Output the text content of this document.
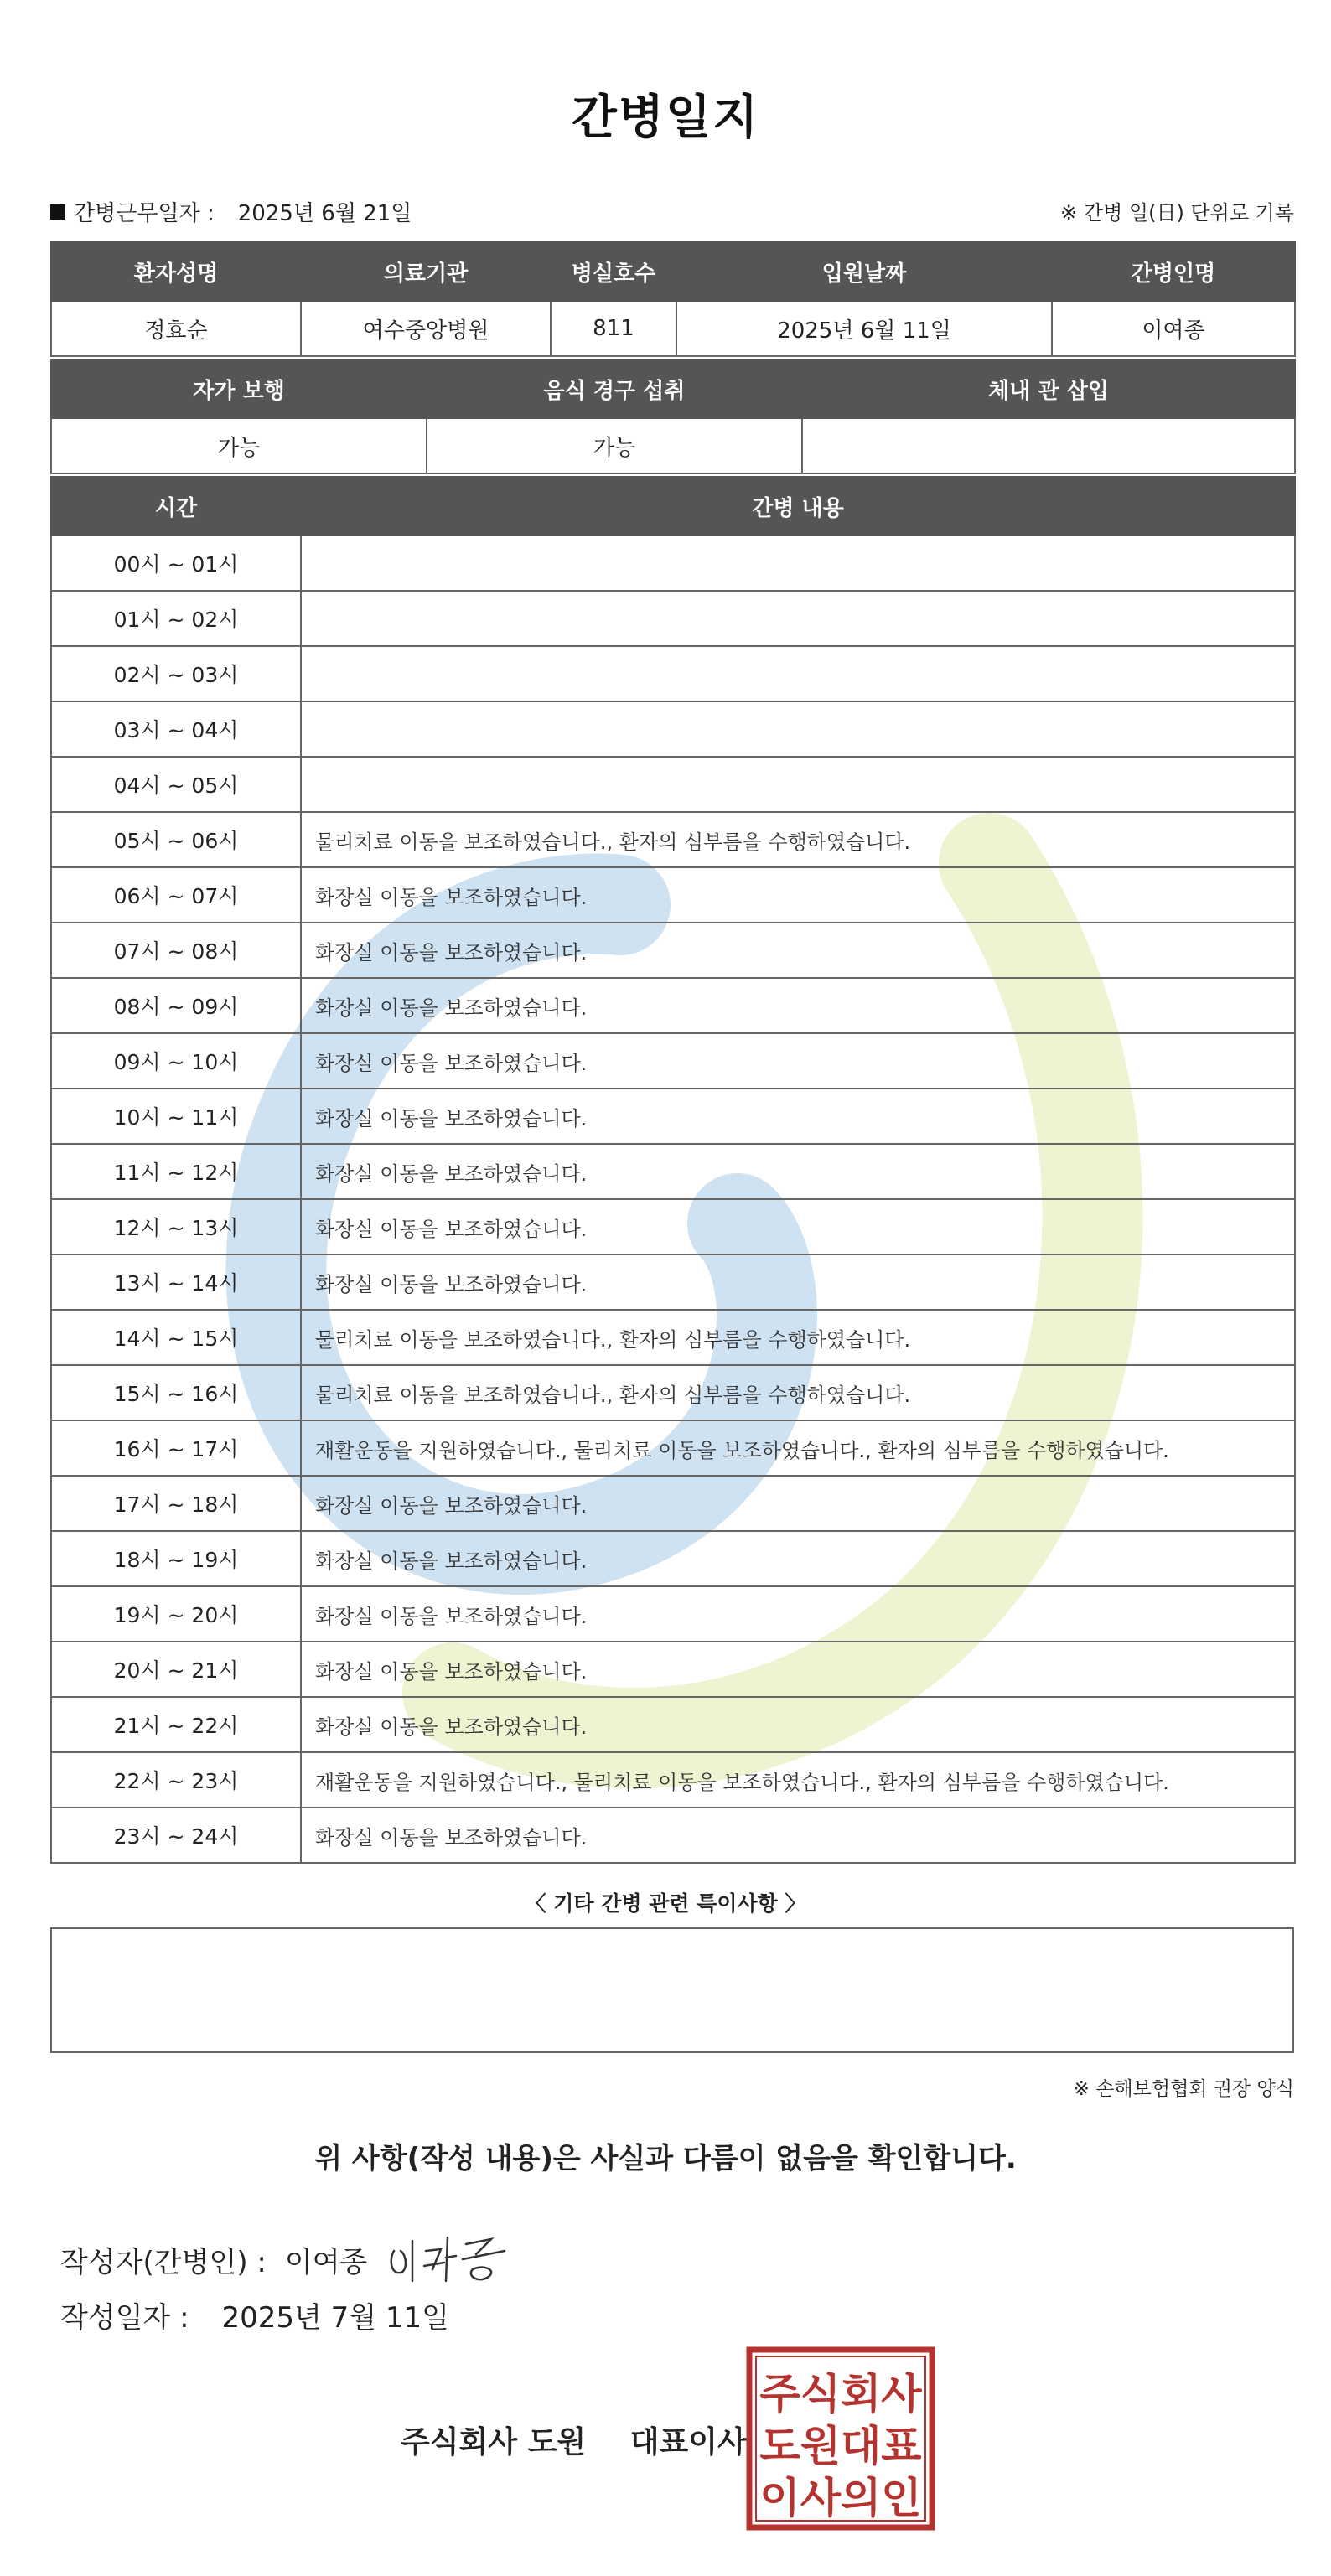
간병일지
간병근무일자 : 2025년 6월 21일	※ 간병 일(日) 단위로 기록
환자성명	의료기관	병실호수	입원날짜	간병인명
정효순	여수중앙병원	811	2025년 6월 11일	이여종
자가 보행	음식 경구 섭취	체내 관 삽입
가능	가능	
시간	간병 내용
00시 ~ 01시	
01시 ~ 02시	
02시 ~ 03시	
03시 ~ 04시	
04시 ~ 05시	
05시 ~ 06시	물리치료 이동을 보조하였습니다., 환자의 심부름을 수행하였습니다.
06시 ~ 07시	화장실 이동을 보조하였습니다.
07시 ~ 08시	화장실 이동을 보조하였습니다.
08시 ~ 09시	화장실 이동을 보조하였습니다.
09시 ~ 10시	화장실 이동을 보조하였습니다.
10시 ~ 11시	화장실 이동을 보조하였습니다.
11시 ~ 12시	화장실 이동을 보조하였습니다.
12시 ~ 13시	화장실 이동을 보조하였습니다.
13시 ~ 14시	화장실 이동을 보조하였습니다.
14시 ~ 15시	물리치료 이동을 보조하였습니다., 환자의 심부름을 수행하였습니다.
15시 ~ 16시	물리치료 이동을 보조하였습니다., 환자의 심부름을 수행하였습니다.
16시 ~ 17시	재활운동을 지원하였습니다., 물리치료 이동을 보조하였습니다., 환자의 심부름을 수행하였습니다.
17시 ~ 18시	화장실 이동을 보조하였습니다.
18시 ~ 19시	화장실 이동을 보조하였습니다.
19시 ~ 20시	화장실 이동을 보조하였습니다.
20시 ~ 21시	화장실 이동을 보조하였습니다.
21시 ~ 22시	화장실 이동을 보조하였습니다.
22시 ~ 23시	재활운동을 지원하였습니다., 물리치료 이동을 보조하였습니다., 환자의 심부름을 수행하였습니다.
23시 ~ 24시	화장실 이동을 보조하였습니다.
〈 기타 간병 관련 특이사항 〉
※ 손해보험협회 권장 양식
위 사항(작성 내용)은 사실과 다름이 없음을 확인합니다.
작성자(간병인) : 이여종
작성일자 : 2025년 7월 11일
주식회사 도원 대표이사
주식회사
도원대표
이사의인
